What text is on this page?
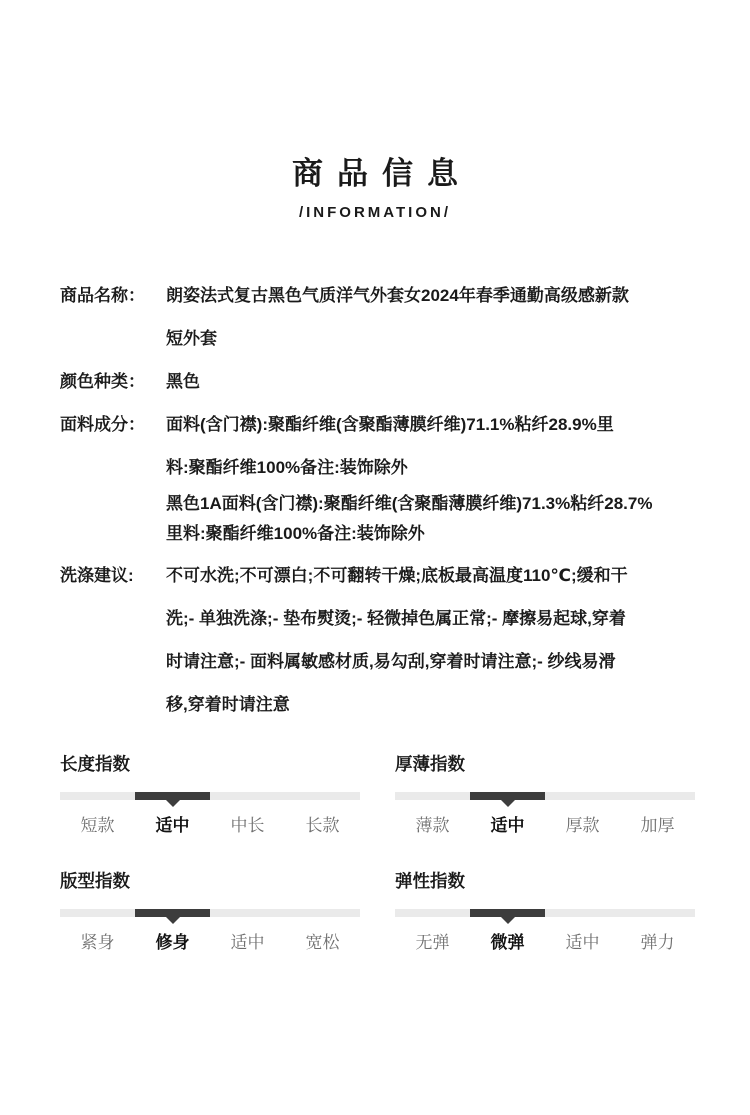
商品信息
/INFORMATION/
商品名称：	朗姿法式复古黑色气质洋气外套女2024年春季通勤高级感新款
短外套
颜色种类：	黑色
面料成分：	面料(含门襟):聚酯纤维(含聚酯薄膜纤维)71.1%粘纤28.9%里
料:聚酯纤维100%备注:装饰除外
黑色1A面料(含门襟):聚酯纤维(含聚酯薄膜纤维)71.3%粘纤28.7%
里料:聚酯纤维100%备注:装饰除外
洗涤建议:	不可水洗;不可漂白;不可翻转干燥;底板最高温度110℃;缓和干
洗;- 单独洗涤;- 垫布熨烫;- 轻微掉色属正常;- 摩擦易起球,穿着
时请注意;- 面料属敏感材质,易勾刮,穿着时请注意;- 纱线易滑
移,穿着时请注意
长度指数
短款	适中	中长	长款
厚薄指数
薄款	适中	厚款	加厚
版型指数
紧身	修身	适中	宽松
弹性指数
无弹	微弹	适中	弹力
